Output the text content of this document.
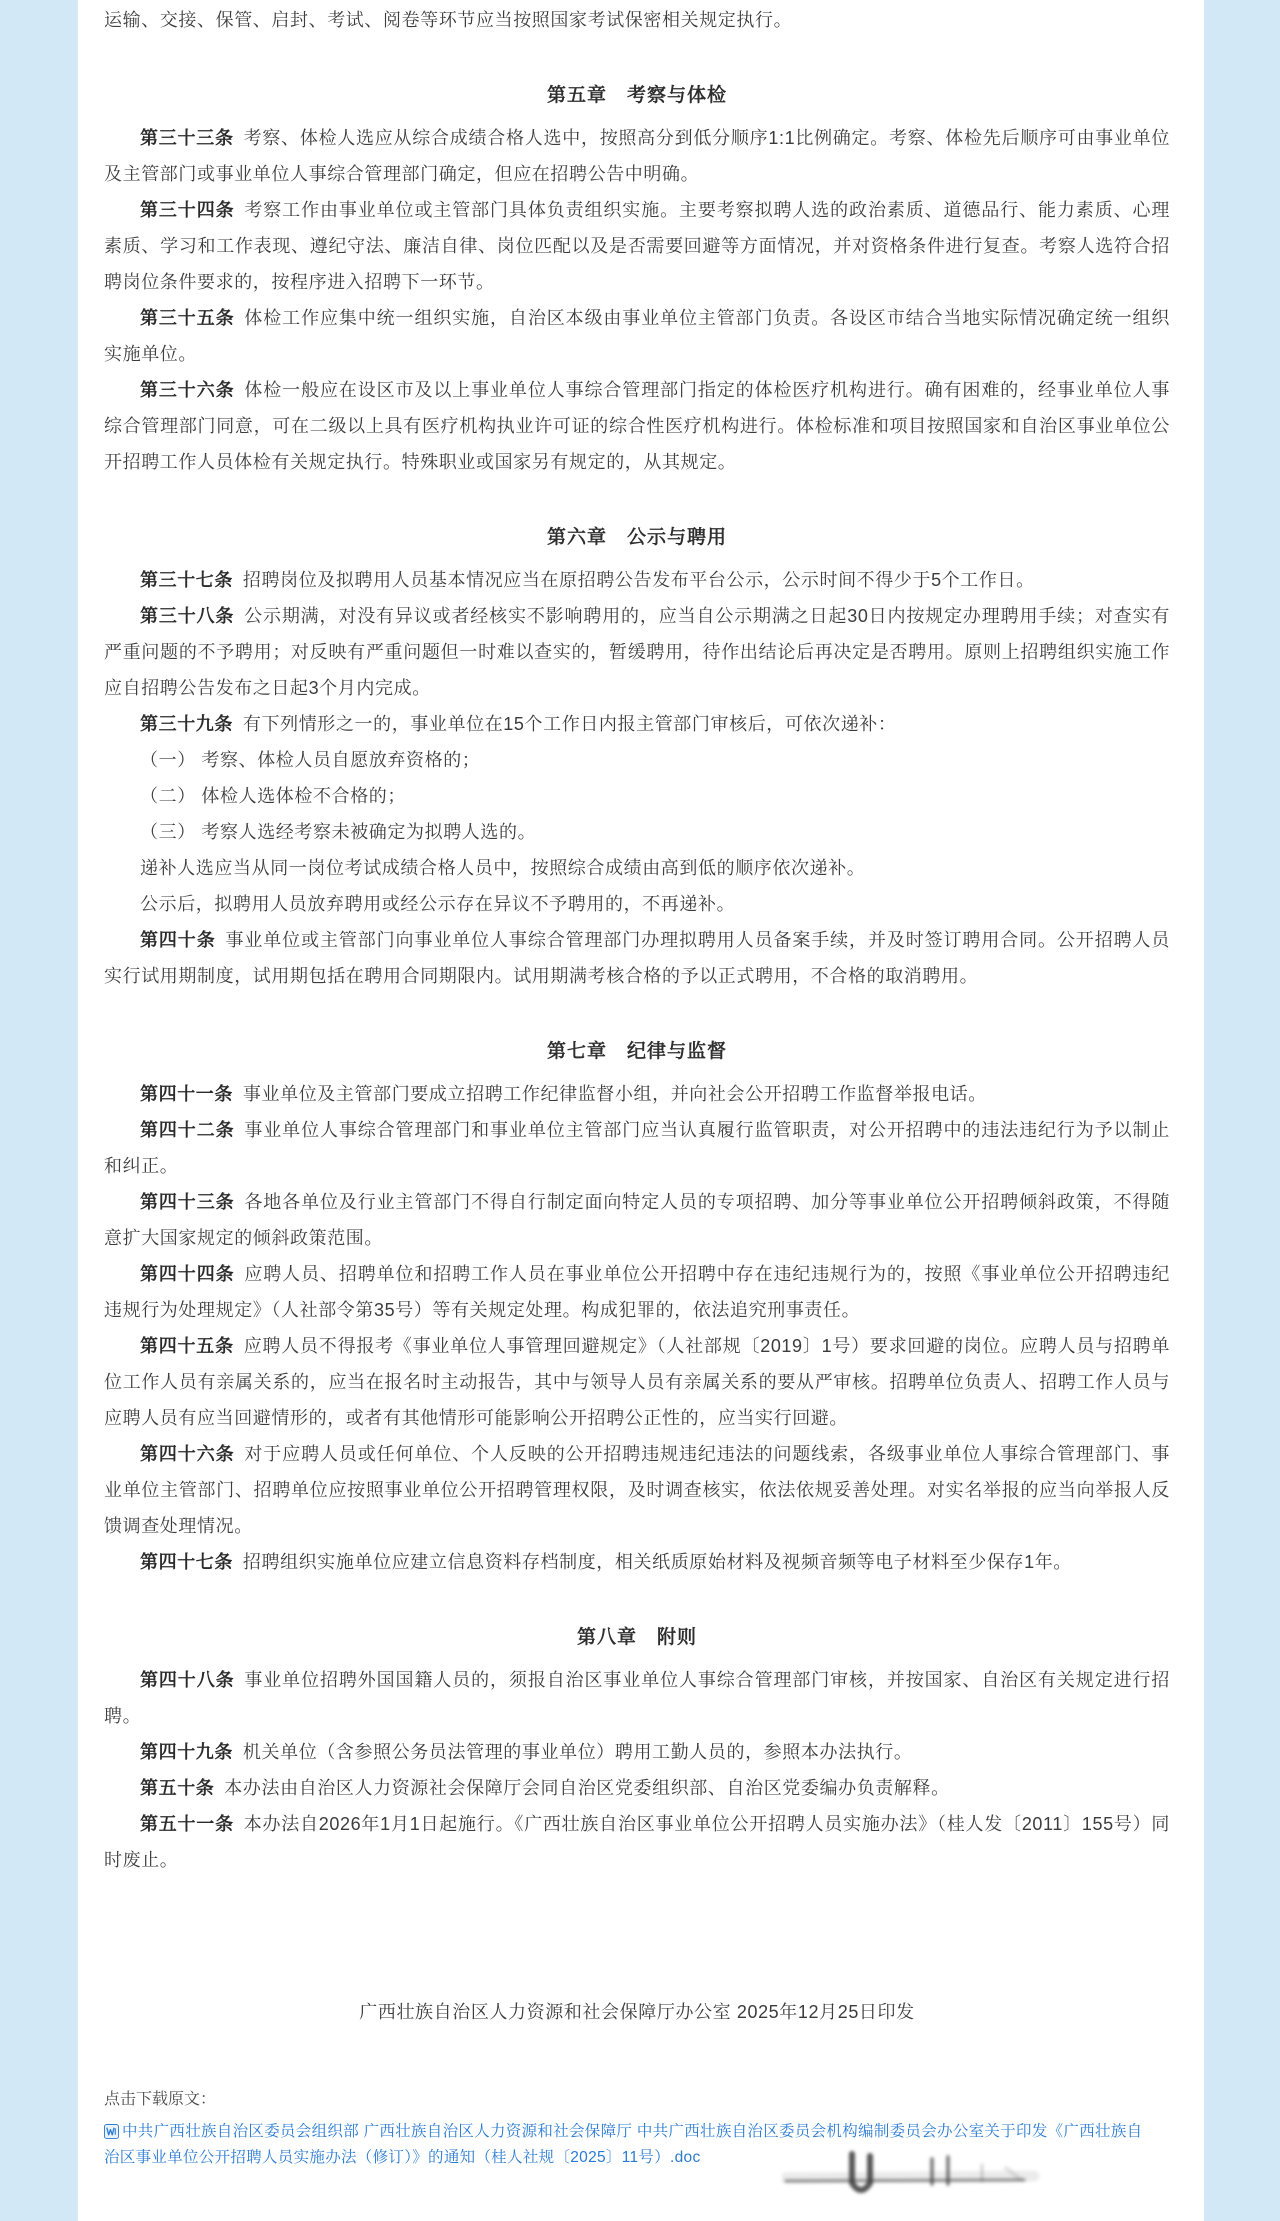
运输、交接、保管、启封、考试、阅卷等环节应当按照国家考试保密相关规定执行。

第五章　考察与体检

第三十三条 考察、体检人选应从综合成绩合格人选中，按照高分到低分顺序1:1比例确定。考察、体检先后顺序可由事业单位及主管部门或事业单位人事综合管理部门确定，但应在招聘公告中明确。

第三十四条 考察工作由事业单位或主管部门具体负责组织实施。主要考察拟聘人选的政治素质、道德品行、能力素质、心理素质、学习和工作表现、遵纪守法、廉洁自律、岗位匹配以及是否需要回避等方面情况，并对资格条件进行复查。考察人选符合招聘岗位条件要求的，按程序进入招聘下一环节。

第三十五条 体检工作应集中统一组织实施，自治区本级由事业单位主管部门负责。各设区市结合当地实际情况确定统一组织实施单位。

第三十六条 体检一般应在设区市及以上事业单位人事综合管理部门指定的体检医疗机构进行。确有困难的，经事业单位人事综合管理部门同意，可在二级以上具有医疗机构执业许可证的综合性医疗机构进行。体检标准和项目按照国家和自治区事业单位公开招聘工作人员体检有关规定执行。特殊职业或国家另有规定的，从其规定。

第六章　公示与聘用

第三十七条 招聘岗位及拟聘用人员基本情况应当在原招聘公告发布平台公示，公示时间不得少于5个工作日。

第三十八条 公示期满，对没有异议或者经核实不影响聘用的，应当自公示期满之日起30日内按规定办理聘用手续；对查实有严重问题的不予聘用；对反映有严重问题但一时难以查实的，暂缓聘用，待作出结论后再决定是否聘用。原则上招聘组织实施工作应自招聘公告发布之日起3个月内完成。

第三十九条 有下列情形之一的，事业单位在15个工作日内报主管部门审核后，可依次递补：

（一） 考察、体检人员自愿放弃资格的；

（二） 体检人选体检不合格的；

（三） 考察人选经考察未被确定为拟聘人选的。

递补人选应当从同一岗位考试成绩合格人员中，按照综合成绩由高到低的顺序依次递补。

公示后，拟聘用人员放弃聘用或经公示存在异议不予聘用的，不再递补。

第四十条 事业单位或主管部门向事业单位人事综合管理部门办理拟聘用人员备案手续，并及时签订聘用合同。公开招聘人员实行试用期制度，试用期包括在聘用合同期限内。试用期满考核合格的予以正式聘用，不合格的取消聘用。

第七章　纪律与监督

第四十一条 事业单位及主管部门要成立招聘工作纪律监督小组，并向社会公开招聘工作监督举报电话。

第四十二条 事业单位人事综合管理部门和事业单位主管部门应当认真履行监管职责，对公开招聘中的违法违纪行为予以制止和纠正。

第四十三条 各地各单位及行业主管部门不得自行制定面向特定人员的专项招聘、加分等事业单位公开招聘倾斜政策，不得随意扩大国家规定的倾斜政策范围。

第四十四条 应聘人员、招聘单位和招聘工作人员在事业单位公开招聘中存在违纪违规行为的，按照《事业单位公开招聘违纪违规行为处理规定》（人社部令第35号）等有关规定处理。构成犯罪的，依法追究刑事责任。

第四十五条 应聘人员不得报考《事业单位人事管理回避规定》（人社部规〔2019〕1号）要求回避的岗位。应聘人员与招聘单位工作人员有亲属关系的，应当在报名时主动报告，其中与领导人员有亲属关系的要从严审核。招聘单位负责人、招聘工作人员与应聘人员有应当回避情形的，或者有其他情形可能影响公开招聘公正性的，应当实行回避。

第四十六条 对于应聘人员或任何单位、个人反映的公开招聘违规违纪违法的问题线索，各级事业单位人事综合管理部门、事业单位主管部门、招聘单位应按照事业单位公开招聘管理权限，及时调查核实，依法依规妥善处理。对实名举报的应当向举报人反馈调查处理情况。

第四十七条 招聘组织实施单位应建立信息资料存档制度，相关纸质原始材料及视频音频等电子材料至少保存1年。

第八章　附则

第四十八条 事业单位招聘外国国籍人员的，须报自治区事业单位人事综合管理部门审核，并按国家、自治区有关规定进行招聘。

第四十九条 机关单位（含参照公务员法管理的事业单位）聘用工勤人员的，参照本办法执行。

第五十条 本办法由自治区人力资源社会保障厅会同自治区党委组织部、自治区党委编办负责解释。

第五十一条 本办法自2026年1月1日起施行。《广西壮族自治区事业单位公开招聘人员实施办法》（桂人发〔2011〕155号）同时废止。

广西壮族自治区人力资源和社会保障厅办公室 2025年12月25日印发

点击下载原文：

中共广西壮族自治区委员会组织部 广西壮族自治区人力资源和社会保障厅 中共广西壮族自治区委员会机构编制委员会办公室关于印发《广西壮族自治区事业单位公开招聘人员实施办法（修订）》的通知（桂人社规〔2025〕11号）.doc
